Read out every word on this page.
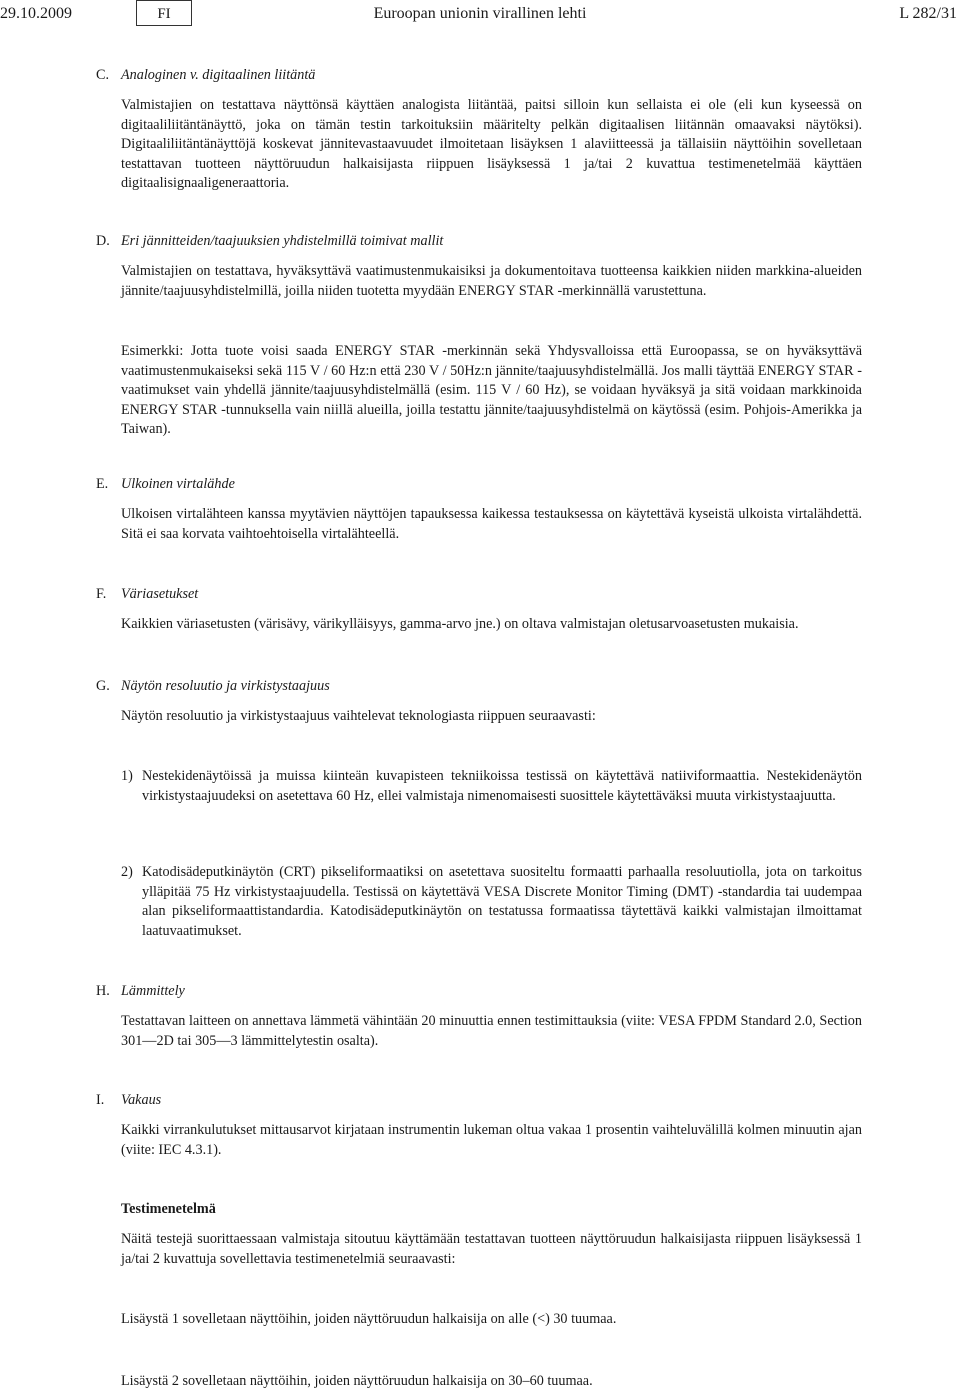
29.10.2009	FI	Euroopan unionin virallinen lehti	L 282/31
C. Analoginen v. digitaalinen liitäntä
Valmistajien on testattava näyttönsä käyttäen analogista liitäntää, paitsi silloin kun sellaista ei ole (eli kun kyseessä on digitaaliliitäntänäyttö, joka on tämän testin tarkoituksiin määritelty pelkän digitaalisen liitännän omaavaksi näytöksi). Digitaaliliitäntänäyttöjä koskevat jännitevastaavuudet ilmoitetaan lisäyksen 1 alaviitteessä ja tällaisiin näyttöihin sovelletaan testattavan tuotteen näyttöruudun halkaisijasta riippuen lisäyksessä 1 ja/tai 2 kuvattua testimenetelmää käyttäen digitaalisignaaligeneraattoria.
D. Eri jännitteiden/taajuuksien yhdistelmillä toimivat mallit
Valmistajien on testattava, hyväksyttävä vaatimustenmukaisiksi ja dokumentoitava tuotteensa kaikkien niiden markkina-alueiden jännite/taajuusyhdistelmillä, joilla niiden tuotetta myydään ENERGY STAR -merkinnällä varustettuna.
Esimerkki: Jotta tuote voisi saada ENERGY STAR -merkinnän sekä Yhdysvalloissa että Euroopassa, se on hyväksyttävä vaatimustenmukaiseksi sekä 115 V / 60 Hz:n että 230 V / 50Hz:n jännite/taajuusyhdistelmällä. Jos malli täyttää ENERGY STAR -vaatimukset vain yhdellä jännite/taajuusyhdistelmällä (esim. 115 V / 60 Hz), se voidaan hyväksyä ja sitä voidaan markkinoida ENERGY STAR -tunnuksella vain niillä alueilla, joilla testattu jännite/taajuusyhdistelmä on käytössä (esim. Pohjois-Amerikka ja Taiwan).
E. Ulkoinen virtalähde
Ulkoisen virtalähteen kanssa myytävien näyttöjen tapauksessa kaikessa testauksessa on käytettävä kyseistä ulkoista virtalähdettä. Sitä ei saa korvata vaihtoehtoisella virtalähteellä.
F. Väriasetukset
Kaikkien väriasetusten (värisävy, värikylläisyys, gamma-arvo jne.) on oltava valmistajan oletusarvoasetusten mukaisia.
G. Näytön resoluutio ja virkistystaajuus
Näytön resoluutio ja virkistystaajuus vaihtelevat teknologiasta riippuen seuraavasti:
1) Nestekidenäytöissä ja muissa kiinteän kuvapisteen tekniikoissa testissä on käytettävä natiiviformaattia. Nestekidenäytön virkistystaajuudeksi on asetettava 60 Hz, ellei valmistaja nimenomaisesti suosittele käytettäväksi muuta virkistystaajuutta.
2) Katodisädeputkinäytön (CRT) pikseliformaatiksi on asetettava suositeltu formaatti parhaalla resoluutiolla, jota on tarkoitus ylläpitää 75 Hz virkistystaajuudella. Testissä on käytettävä VESA Discrete Monitor Timing (DMT) -standardia tai uudempaa alan pikseliformaattistandardia. Katodisädeputkinäytön on testatussa formaatissa täytettävä kaikki valmistajan ilmoittamat laatuvaatimukset.
H. Lämmittely
Testattavan laitteen on annettava lämmetä vähintään 20 minuuttia ennen testimittauksia (viite: VESA FPDM Standard 2.0, Section 301—2D tai 305—3 lämmittelytestin osalta).
I. Vakaus
Kaikki virrankulutukset mittausarvot kirjataan instrumentin lukeman oltua vakaa 1 prosentin vaihteluvälillä kolmen minuutin ajan (viite: IEC 4.3.1).
Testimenetelmä
Näitä testejä suorittaessaan valmistaja sitoutuu käyttämään testattavan tuotteen näyttöruudun halkaisijasta riippuen lisäyksessä 1 ja/tai 2 kuvattuja sovellettavia testimenetelmiä seuraavasti:
Lisäystä 1 sovelletaan näyttöihin, joiden näyttöruudun halkaisija on alle (<) 30 tuumaa.
Lisäystä 2 sovelletaan näyttöihin, joiden näyttöruudun halkaisija on 30–60 tuumaa.
